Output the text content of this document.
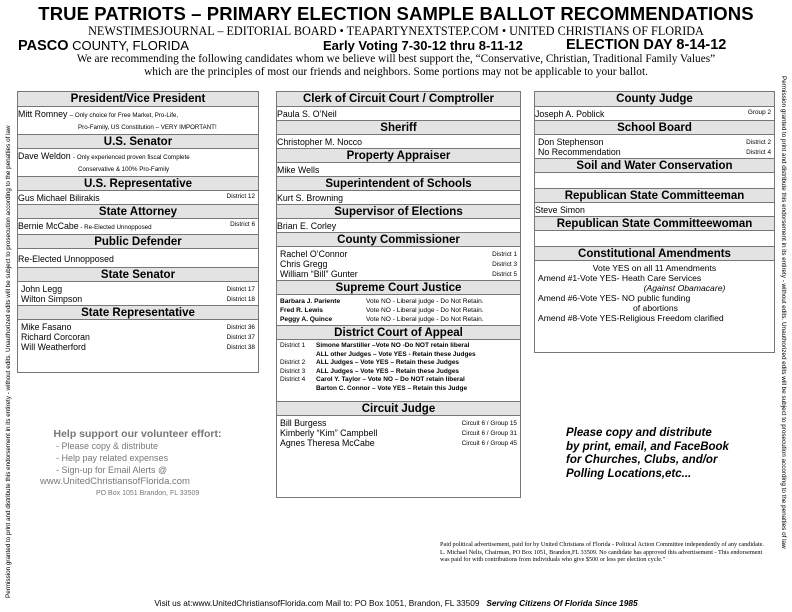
TRUE PATRIOTS – PRIMARY ELECTION SAMPLE BALLOT RECOMMENDATIONS
NEWSTIMESJOURNAL – EDITORIAL BOARD • TEAPARTYNEXTSTEP.COM • UNITED CHRISTIANS OF FLORIDA
PASCO COUNTY, FLORIDA	Early Voting 7-30-12 thru 8-11-12	ELECTION DAY 8-14-12
We are recommending the following candidates whom we believe will best support the, “Conservative, Christian, Traditional Family Values”
which are the principles of most our friends and neighbors. Some portions may not be applicable to your ballot.
Permission granted to print and distribute this endorsement in its entirety - without edits. Unauthorized edits will be subject to prosecution according to the penalties of law	Permission granted to print and distribute this endorsement in its entirety - without edits. Unauthorized edits will be subject to prosecution according to the penalties of law
President/Vice President
Mitt Romney – Only choice for Free Market, Pro-Life,
Pro-Family, US Constitution – VERY IMPORTANT!
U.S. Senator
Dave Weldon - Only experienced proven fiscal Complete
Conservative & 100% Pro-Family
U.S. Representative
Gus Michael Bilirakis	District 12
State Attorney
Bernie McCabe - Re-Elected Unnopposed	District 6
Public Defender
Re-Elected Unnopposed
State Senator
John Legg	District 17
Wilton Simpson	District 18
State Representative
Mike Fasano	District 36
Richard Corcoran	District 37
Will Weatherford	District 38
Clerk of Circuit Court / Comptroller
Paula S. O’Neil
Sheriff
Christopher M. Nocco
Property Appraiser
Mike Wells
Superintendent of Schools
Kurt S. Browning
Supervisor of Elections
Brian E. Corley
County Commissioner
Rachel O’Connor	District 1
Chris Gregg	District 3
William “Bill” Gunter	District 5
Supreme Court Justice
Barbara J. Pariente	Vote NO - Liberal judge - Do Not Retain.
Fred R. Lewis	Vote NO - Liberal judge - Do Not Retain.
Peggy A. Quince	Vote NO - Liberal judge - Do Not Retain.
District Court of Appeal
District 1 Simone Marstiller –Vote NO -Do NOT retain liberal
ALL other Judges – Vote YES - Retain these Judges
District 2 ALL Judges – Vote YES – Retain these Judges
District 3 ALL Judges – Vote YES – Retain these Judges
District 4 Carol Y. Taylor – Vote NO – Do NOT retain liberal
Barton C. Connor – Vote YES – Retain this Judge
Circuit Judge
Bill Burgess	Circuit 6 / Group 15
Kimberly “Kim” Campbell	Circuit 6 / Group 31
Agnes Theresa McCabe	Circuit 6 / Group 45
County Judge
Joseph A. Poblick	Group 2
School Board
Don Stephenson	District 2
No Recommendation	District 4
Soil and Water Conservation
Republican State Committeeman
Steve Simon
Republican State Committeewoman
Constitutional Amendments
Vote YES on all 11 Amendments
Amend #1-Vote YES- Heath Care Services
(Against Obamacare)
Amend #6-Vote YES- NO public funding
of abortions
Amend #8-Vote YES-Religious Freedom clarified
Help support our volunteer effort:
- Please copy & distribute
- Help pay related expenses
- Sign-up for Email Alerts @
www.UnitedChristiansofFlorida.com
PO Box 1051 Brandon, FL 33509
Please copy and distribute
by print, email, and FaceBook
for Churches, Clubs, and/or
Polling Locations,etc...
Paid political advertisement, paid for by United Christians of Florida - Political Action Committee independently of any candidate. L. Michael Nelis, Chairman, PO Box 1051, Brandon,FL 33509. No candidate has approved this advertisement - This endorsement was paid for with contributions from individuals who give $500 or less per election cycle."
Visit us at:www.UnitedChristiansofFlorida.com Mail to: PO Box 1051, Brandon, FL 33509 Serving Citizens Of Florida Since 1985
